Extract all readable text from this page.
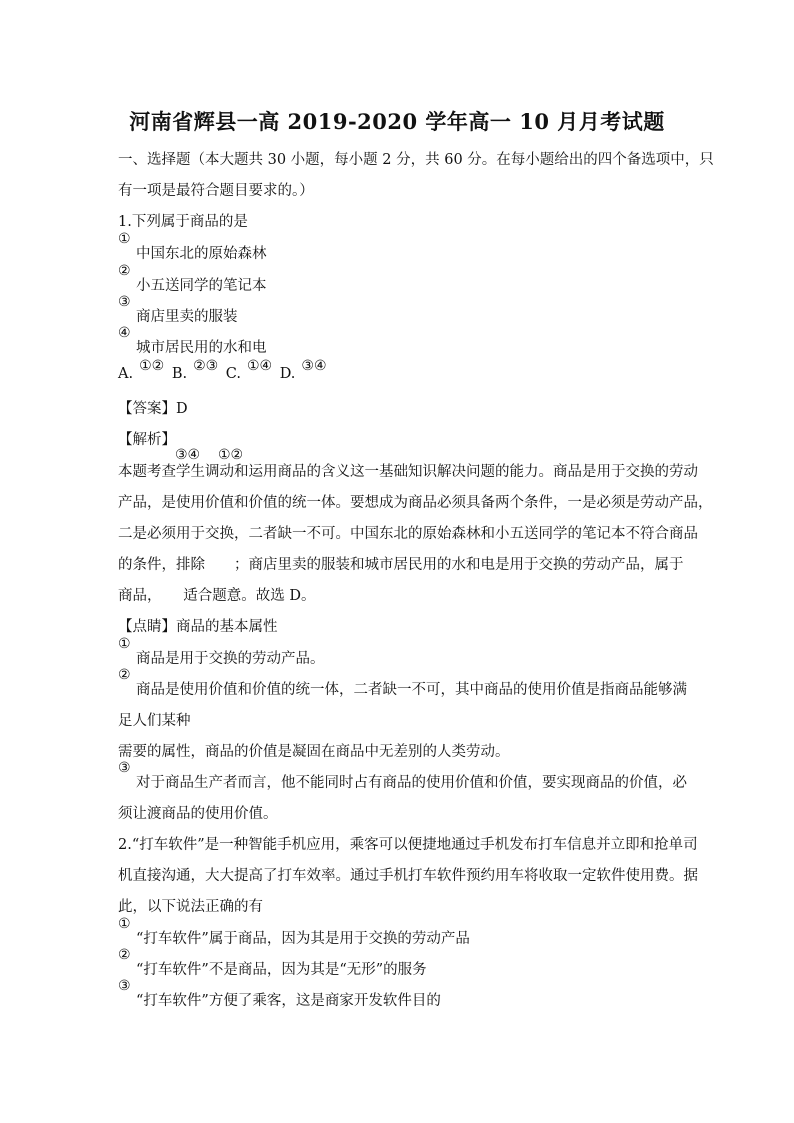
河南省辉县一高 2019-2020 学年高一 10 月月考试题
一、选择题（本大题共 30 小题，每小题 2 分，共 60 分。在每小题给出的四个备选项中，只
有一项是最符合题目要求的。）
1.下列属于商品的是
①
中国东北的原始森林
②
小五送同学的笔记本
③
商店里卖的服装
④
城市居民用的水和电
A. ①② B. ②③ C. ①④ D. ③④
【答案】D
【解析】
③④ ①②
本题考查学生调动和运用商品的含义这一基础知识解决问题的能力。商品是用于交换的劳动
产品，是使用价值和价值的统一体。要想成为商品必须具备两个条件，一是必须是劳动产品，
二是必须用于交换，二者缺一不可。中国东北的原始森林和小五送同学的笔记本不符合商品
的条件，排除　　；商店里卖的服装和城市居民用的水和电是用于交换的劳动产品，属于
商品，　　适合题意。故选 D。
【点睛】商品的基本属性
①
商品是用于交换的劳动产品。
②
商品是使用价值和价值的统一体，二者缺一不可，其中商品的使用价值是指商品能够满
足人们某种
需要的属性，商品的价值是凝固在商品中无差别的人类劳动。
③
对于商品生产者而言，他不能同时占有商品的使用价值和价值，要实现商品的价值，必
须让渡商品的使用价值。
2.“打车软件”是一种智能手机应用，乘客可以便捷地通过手机发布打车信息并立即和抢单司
机直接沟通，大大提高了打车效率。通过手机打车软件预约用车将收取一定软件使用费。据
此，以下说法正确的有
①
“打车软件”属于商品，因为其是用于交换的劳动产品
②
“打车软件”不是商品，因为其是“无形”的服务
③
“打车软件”方便了乘客，这是商家开发软件目的
